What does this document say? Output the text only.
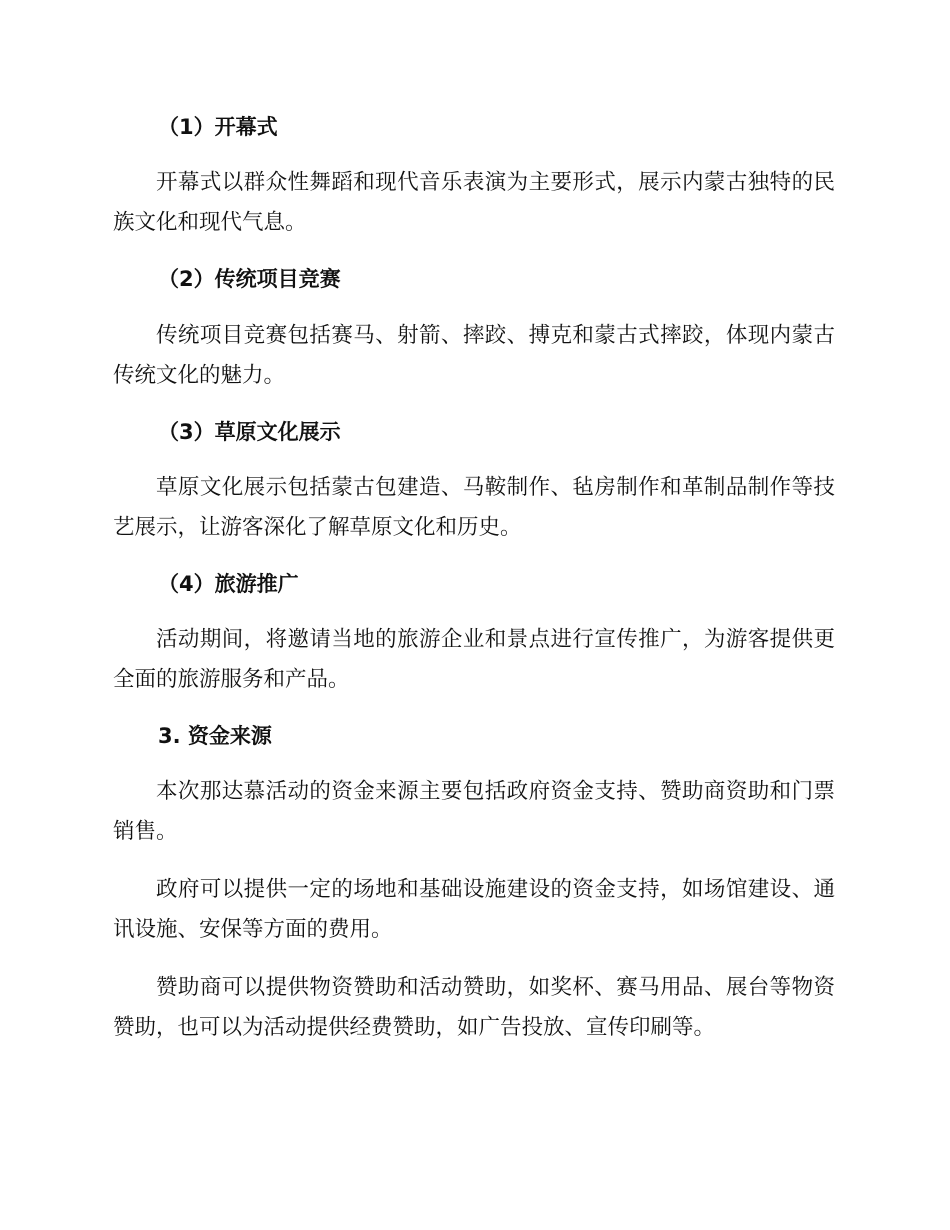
（1）开幕式

开幕式以群众性舞蹈和现代音乐表演为主要形式，展示内蒙古独特的民族文化和现代气息。

（2）传统项目竞赛

传统项目竞赛包括赛马、射箭、摔跤、搏克和蒙古式摔跤，体现内蒙古传统文化的魅力。

（3）草原文化展示

草原文化展示包括蒙古包建造、马鞍制作、毡房制作和革制品制作等技艺展示，让游客深化了解草原文化和历史。

（4）旅游推广

活动期间，将邀请当地的旅游企业和景点进行宣传推广，为游客提供更全面的旅游服务和产品。

3. 资金来源

本次那达慕活动的资金来源主要包括政府资金支持、赞助商资助和门票销售。

政府可以提供一定的场地和基础设施建设的资金支持，如场馆建设、通讯设施、安保等方面的费用。

赞助商可以提供物资赞助和活动赞助，如奖杯、赛马用品、展台等物资赞助，也可以为活动提供经费赞助，如广告投放、宣传印刷等。
